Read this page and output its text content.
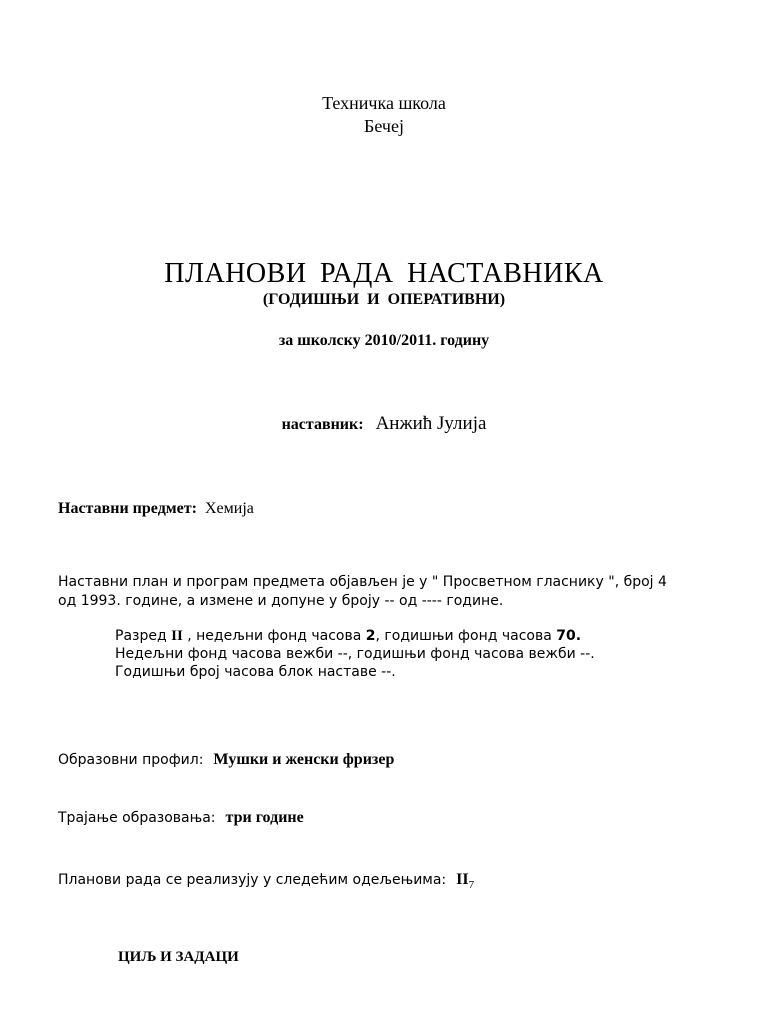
Техничка школа
Бечеј
ПЛАНОВИ РАДА НАСТАВНИКА
(ГОДИШЊИ И ОПЕРАТИВНИ)
за школску 2010/2011. годину
наставник: Анжић Јулија
Наставни предмет: Хемија
Наставни план и програм предмета објављен је у " Просветном гласнику ", број 4
од 1993. године, а измене и допуне у броју -- од ---- године.
Разред II , недељни фонд часова 2, годишњи фонд часова 70.
Недељни фонд часова вежби --, годишњи фонд часова вежби --.
Годишњи број часова блок наставе --.
Образовни профил: Мушки и женски фризер
Трајање образовања: три године
Планови рада се реализују у следећим одељењима: $II_7$
ЦИЉ И ЗАДАЦИ
